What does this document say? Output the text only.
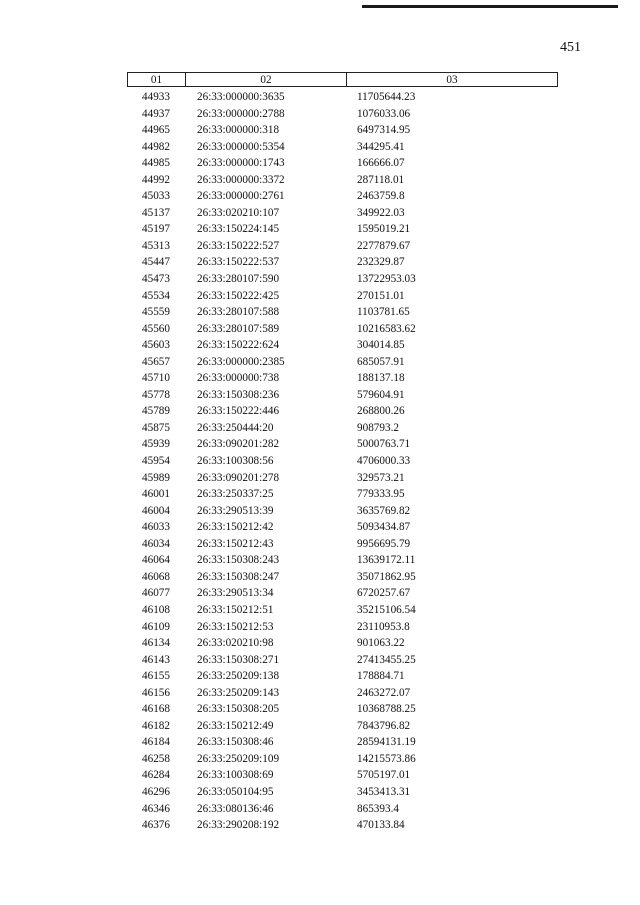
451
01	02	03
44933	26:33:000000:3635	11705644.23
44937	26:33:000000:2788	1076033.06
44965	26:33:000000:318	6497314.95
44982	26:33:000000:5354	344295.41
44985	26:33:000000:1743	166666.07
44992	26:33:000000:3372	287118.01
45033	26:33:000000:2761	2463759.8
45137	26:33:020210:107	349922.03
45197	26:33:150224:145	1595019.21
45313	26:33:150222:527	2277879.67
45447	26:33:150222:537	232329.87
45473	26:33:280107:590	13722953.03
45534	26:33:150222:425	270151.01
45559	26:33:280107:588	1103781.65
45560	26:33:280107:589	10216583.62
45603	26:33:150222:624	304014.85
45657	26:33:000000:2385	685057.91
45710	26:33:000000:738	188137.18
45778	26:33:150308:236	579604.91
45789	26:33:150222:446	268800.26
45875	26:33:250444:20	908793.2
45939	26:33:090201:282	5000763.71
45954	26:33:100308:56	4706000.33
45989	26:33:090201:278	329573.21
46001	26:33:250337:25	779333.95
46004	26:33:290513:39	3635769.82
46033	26:33:150212:42	5093434.87
46034	26:33:150212:43	9956695.79
46064	26:33:150308:243	13639172.11
46068	26:33:150308:247	35071862.95
46077	26:33:290513:34	6720257.67
46108	26:33:150212:51	35215106.54
46109	26:33:150212:53	23110953.8
46134	26:33:020210:98	901063.22
46143	26:33:150308:271	27413455.25
46155	26:33:250209:138	178884.71
46156	26:33:250209:143	2463272.07
46168	26:33:150308:205	10368788.25
46182	26:33:150212:49	7843796.82
46184	26:33:150308:46	28594131.19
46258	26:33:250209:109	14215573.86
46284	26:33:100308:69	5705197.01
46296	26:33:050104:95	3453413.31
46346	26:33:080136:46	865393.4
46376	26:33:290208:192	470133.84
